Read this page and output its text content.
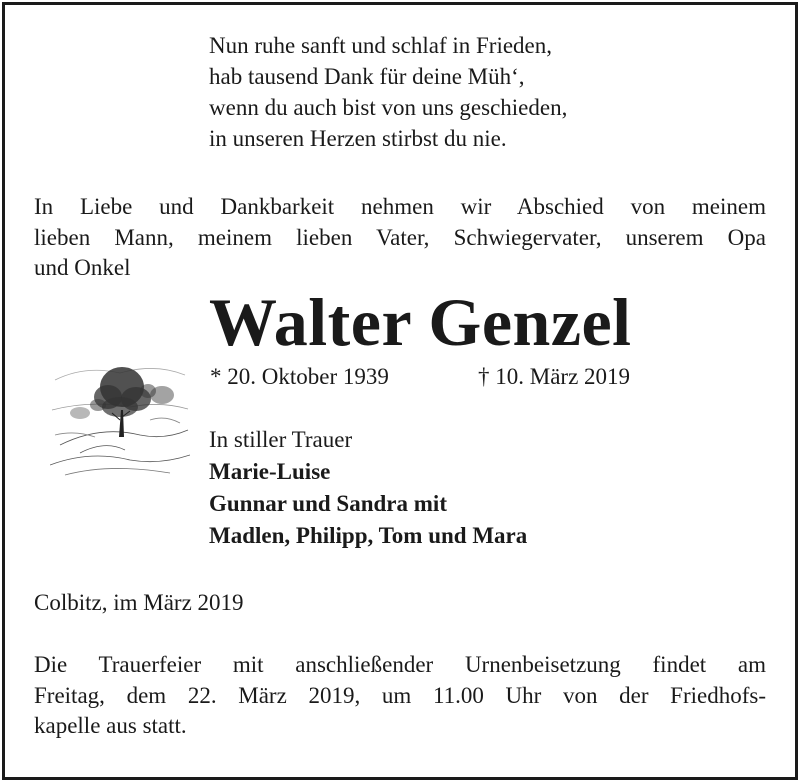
Nun ruhe sanft und schlaf in Frieden,
hab tausend Dank für deine Müh‘,
wenn du auch bist von uns geschieden,
in unseren Herzen stirbst du nie.
In Liebe und Dankbarkeit nehmen wir Abschied von meinem
lieben Mann, meinem lieben Vater, Schwiegervater, unserem Opa
und Onkel
Walter Genzel
* 20. Oktober 1939	† 10. März 2019
In stiller Trauer
Marie-Luise
Gunnar und Sandra mit
Madlen, Philipp, Tom und Mara
Colbitz, im März 2019
Die Trauerfeier mit anschließender Urnenbeisetzung findet am
Freitag, dem 22. März 2019, um 11.00 Uhr von der Friedhofs-
kapelle aus statt.
